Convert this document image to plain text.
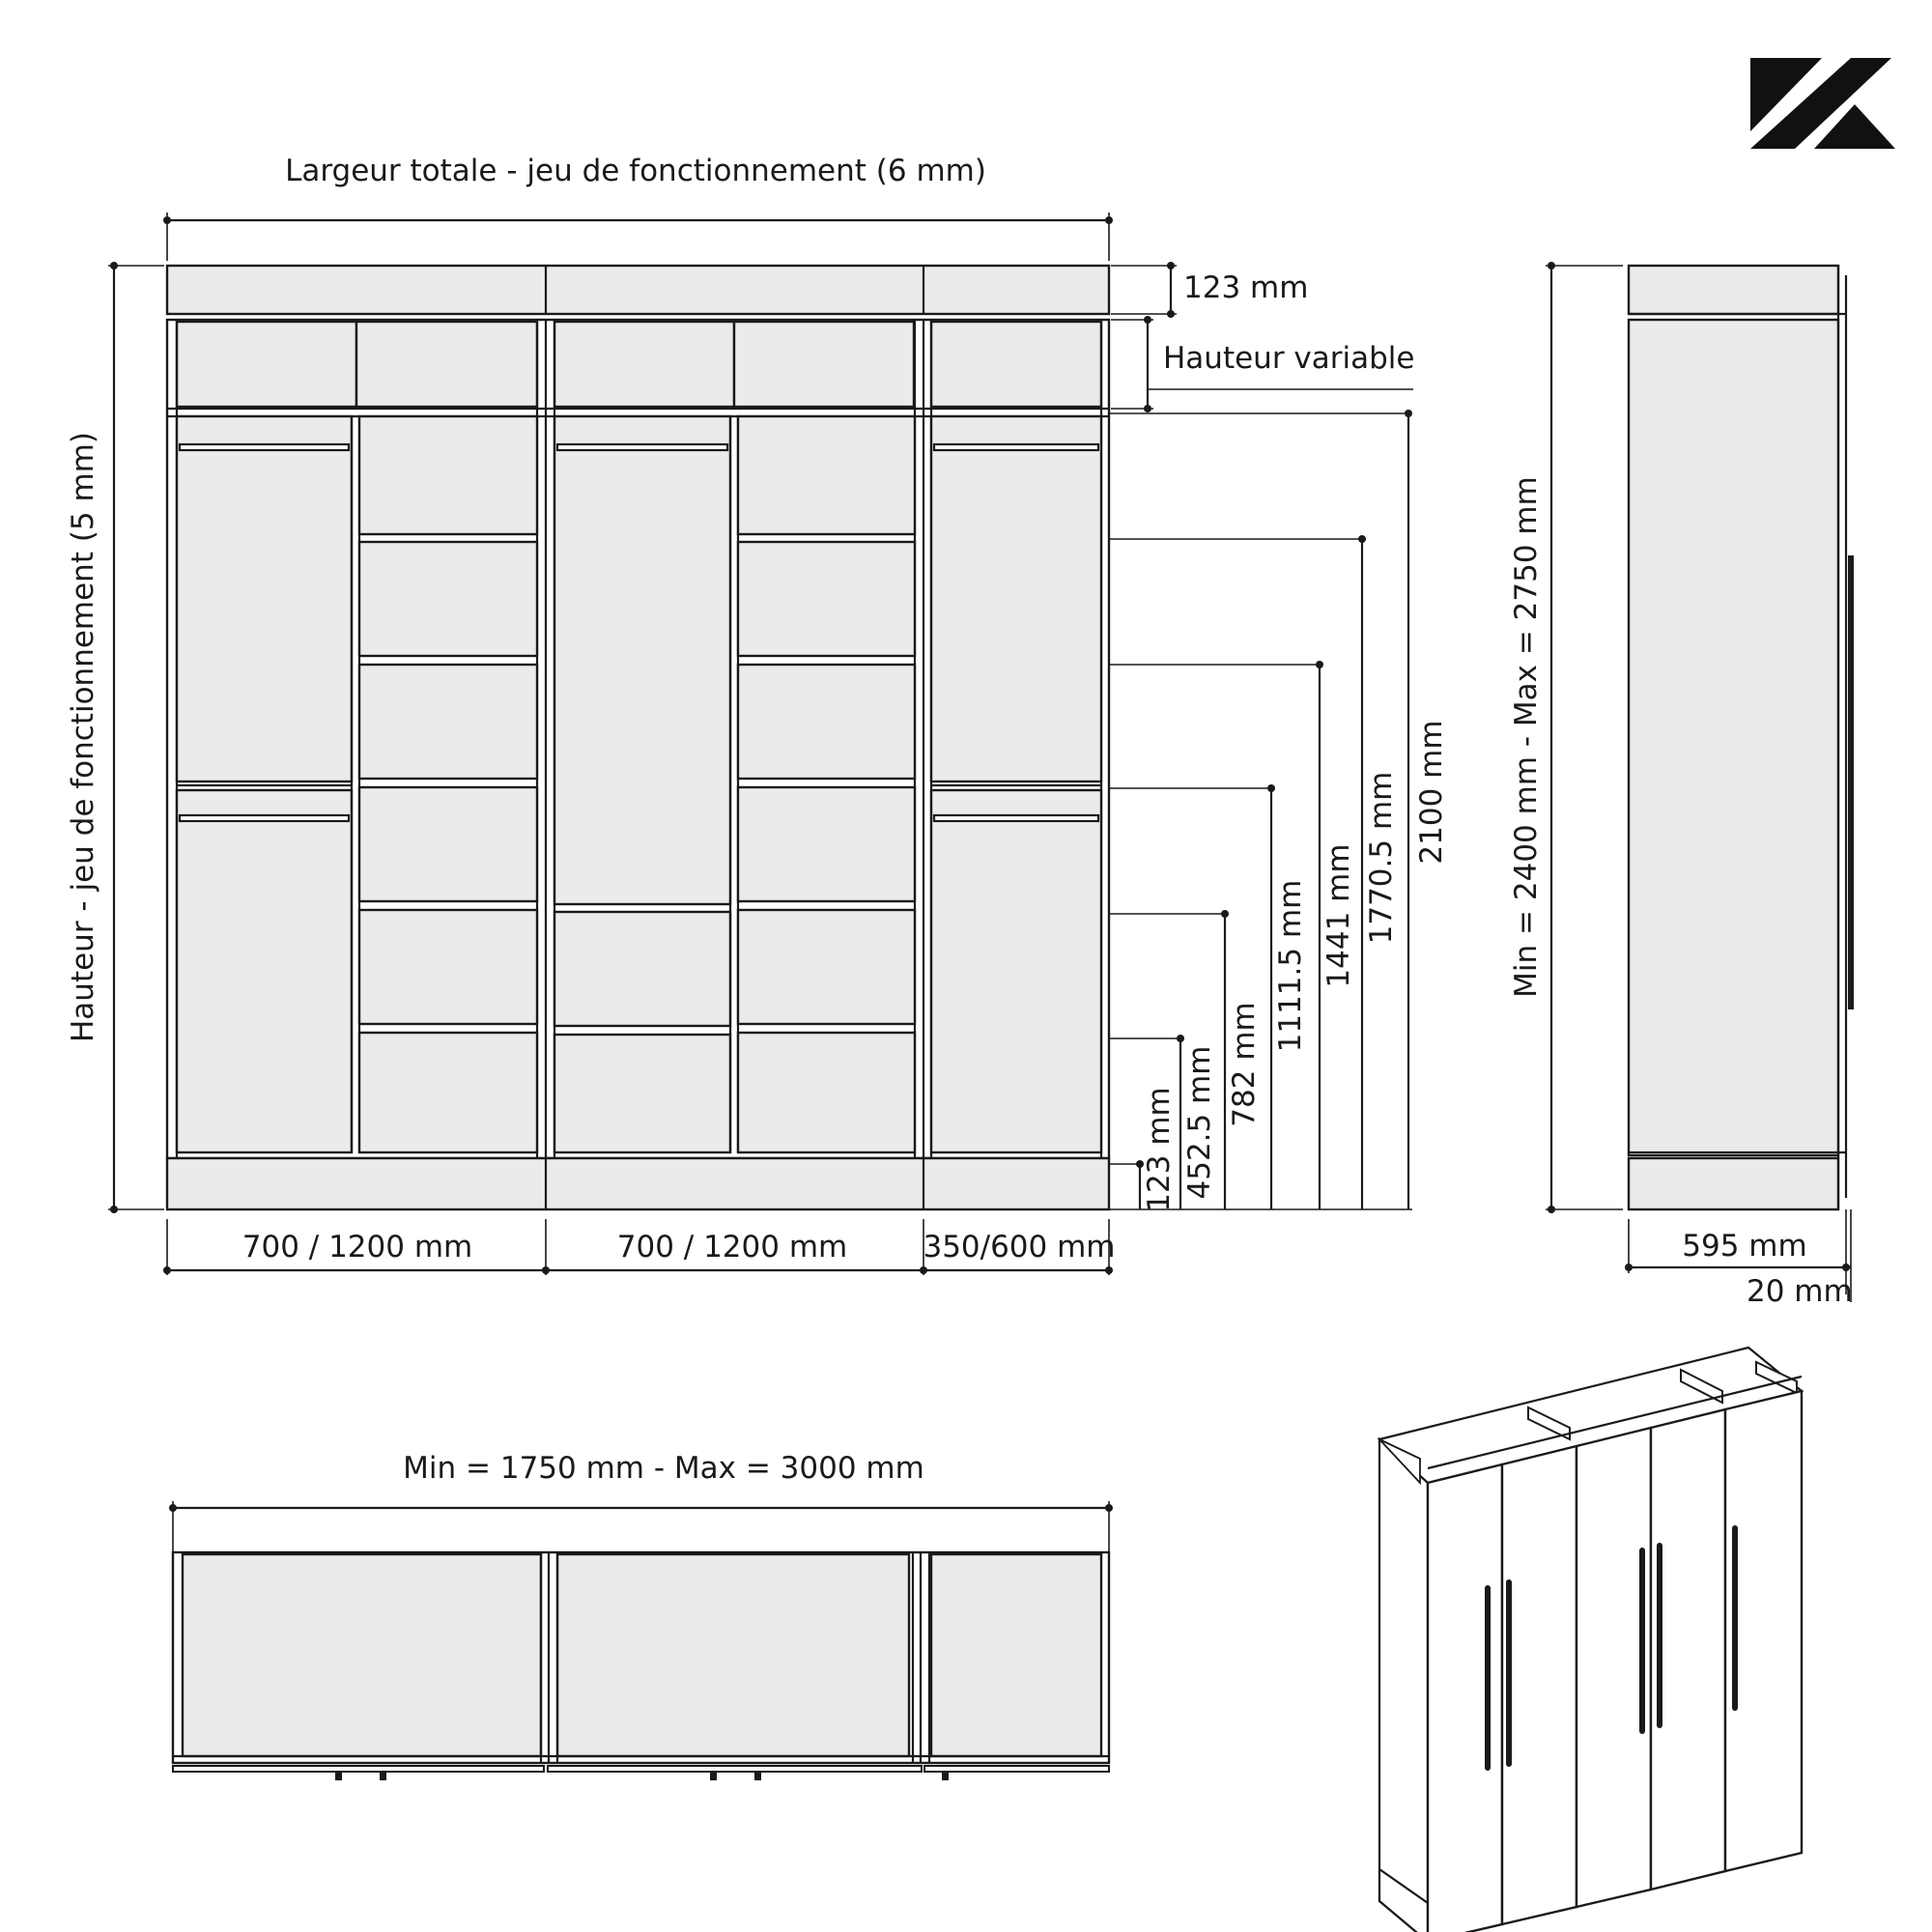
Largeur totale - jeu de fonctionnement (6 mm)
Hauteur - jeu de fonctionnement (5 mm)
700 / 1200 mm	700 / 1200 mm	350/600 mm
123 mm
Hauteur variable
123 mm 452.5 mm 782 mm
1111.5 mm 1441 mm 1770.5 mm 2100 mm Min = 2400 mm - Max = 2750 mm
595 mm
20 mm
Min = 1750 mm - Max = 3000 mm
